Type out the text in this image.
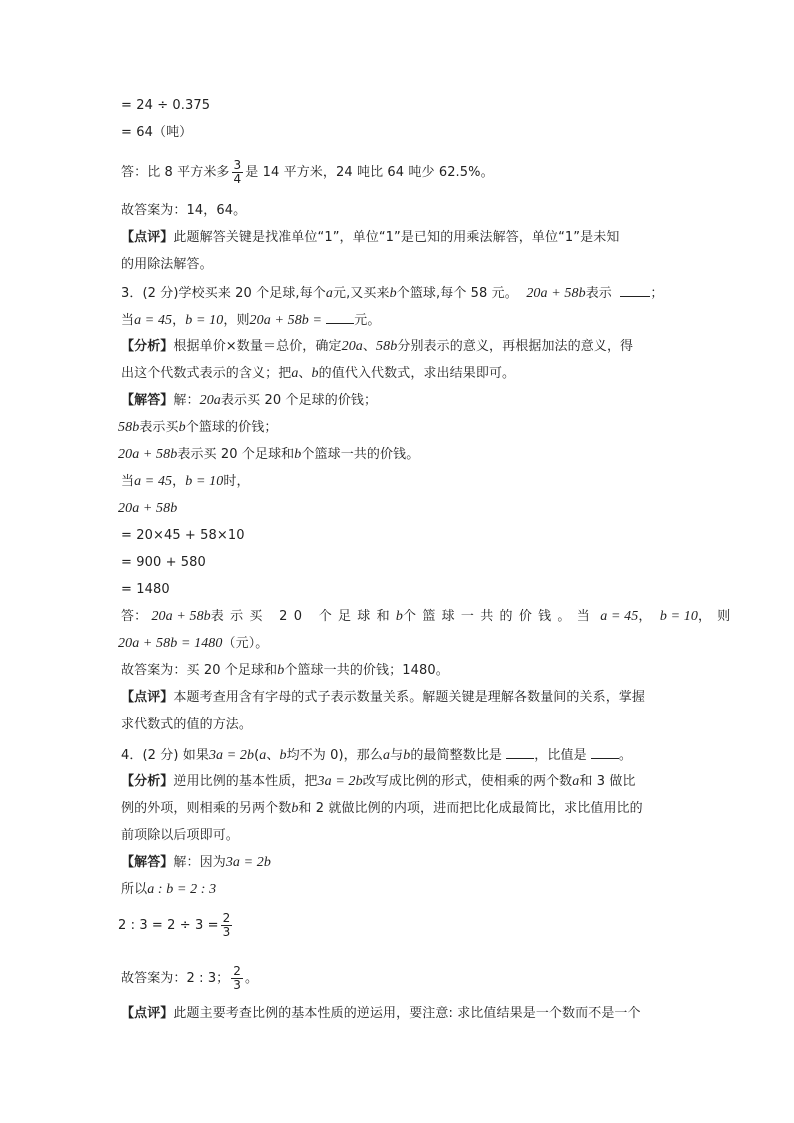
= 24 ÷ 0.375
= 64（吨）
答：比 8 平方米多 $\frac{3}{4}$ 是 14 平方米，24 吨比 64 吨少 62.5%。
故答案为：14，64。
【点评】此题解答关键是找准单位“1”，单位“1”是已知的用乘法解答，单位“1”是未知
的用除法解答。
3．(2 分)学校买来 20 个足球,每个a元,又买来b个篮球,每个 58 元。 20a + 58b表示	；
当a = 45，b = 10，则20a + 58b = 元。
【分析】根据单价×数量＝总价，确定20a、58b分别表示的意义，再根据加法的意义，得
出这个代数式表示的含义；把a、b的值代入代数式，求出结果即可。
【解答】解：20a表示买 20 个足球的价钱；
58b表示买b个篮球的价钱；
20a + 58b表示买 20 个足球和b个篮球一共的价钱。
当a = 45，b = 10时，
20a + 58b
= 20×45 + 58×10
= 900 + 580
= 1480
答： 20a + 58b表示买 20 个足球和b个篮球一共的价钱。当 a = 45， b = 10，则
20a + 58b = 1480（元）。
故答案为：买 20 个足球和b个篮球一共的价钱；1480。
【点评】本题考查用含有字母的式子表示数量关系。解题关键是理解各数量间的关系，掌握
求代数式的值的方法。
4．(2 分) 如果3a = 2b(a、b均不为 0)，那么a与b的最简整数比是 ，比值是 。
【分析】逆用比例的基本性质，把3a = 2b改写成比例的形式，使相乘的两个数a和 3 做比
例的外项，则相乘的另两个数b和 2 就做比例的内项，进而把比化成最简比，求比值用比的
前项除以后项即可。
【解答】解：因为3a = 2b
所以a : b = 2 : 3
2 : $3 = 2 \div 3 = \frac{2}{3}$
故答案为：2 : 3； $\frac{2}{3}$ 。
【点评】此题主要考查比例的基本性质的逆运用，要注意: 求比值结果是一个数而不是一个
